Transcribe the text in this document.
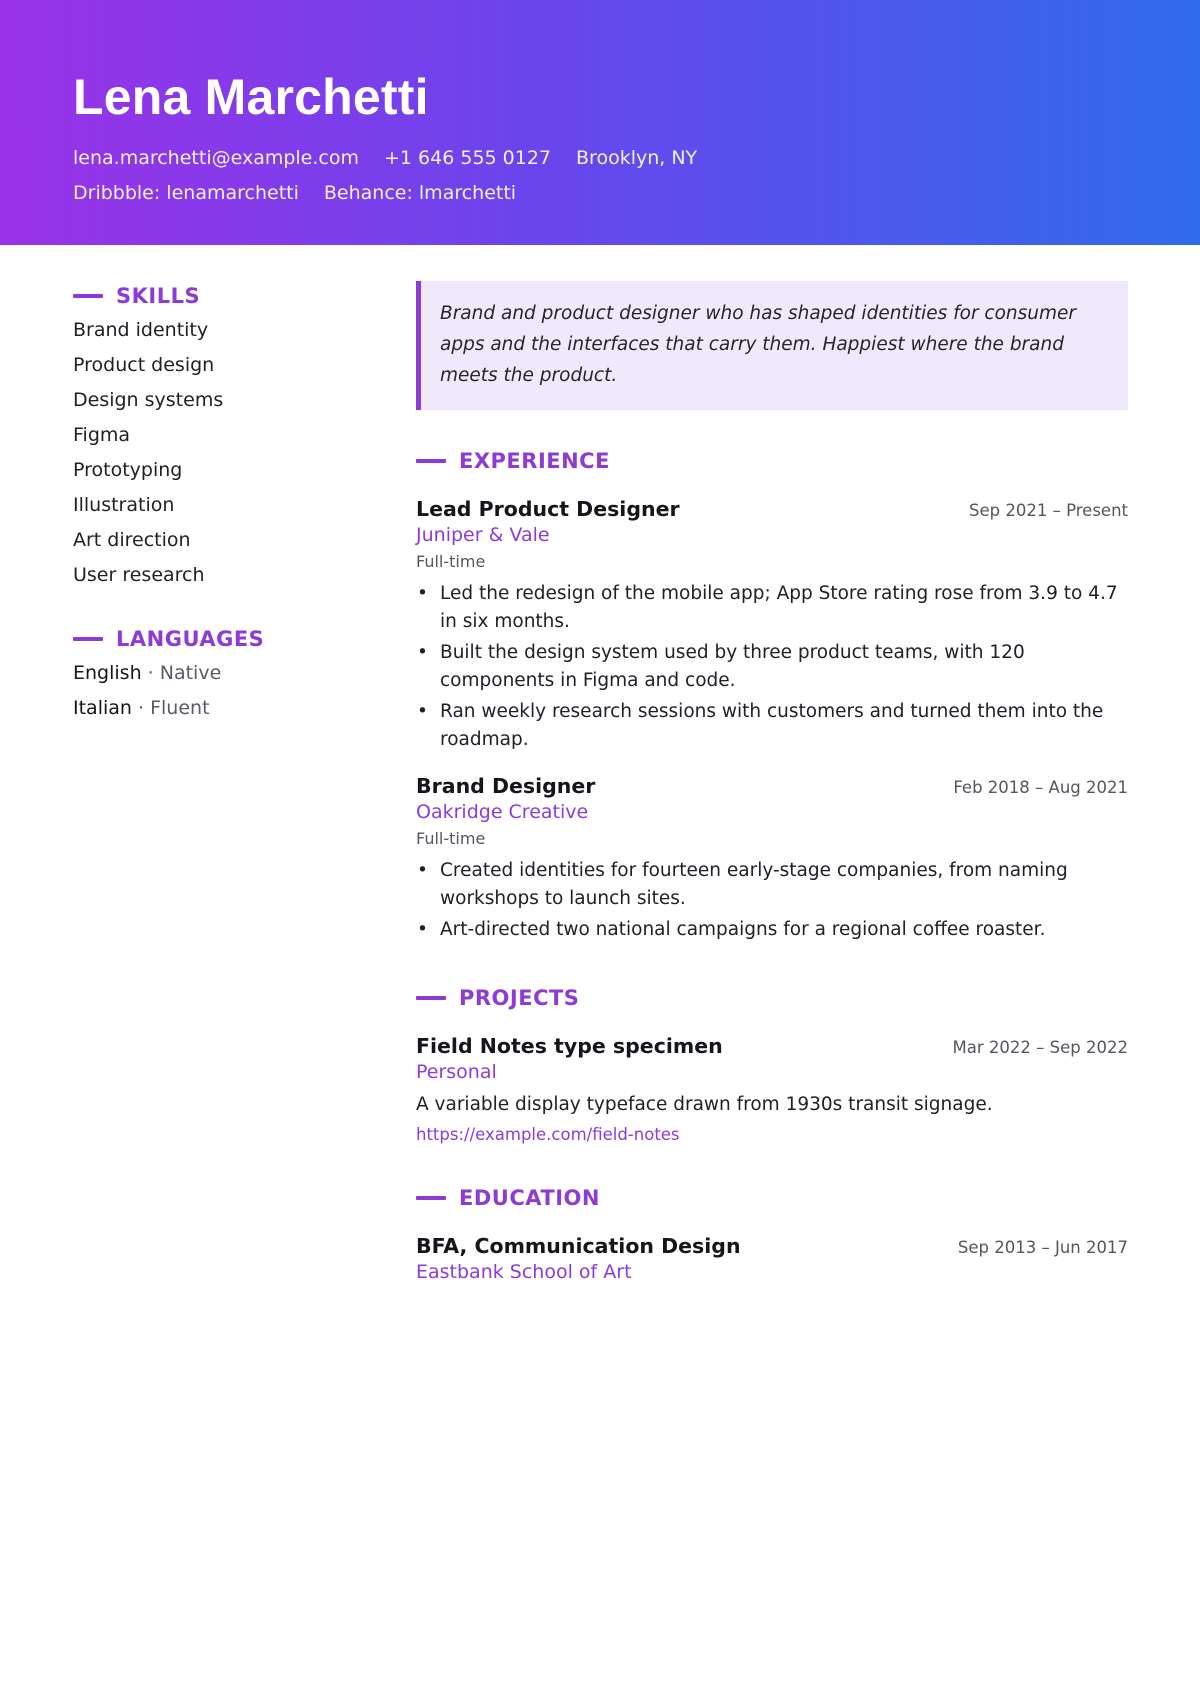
Lena Marchetti
lena.marchetti@example.com +1 646 555 0127 Brooklyn, NY
Dribbble: lenamarchetti Behance: lmarchetti
SKILLS
Brand identity
Product design
Design systems
Figma
Prototyping
Illustration
Art direction
User research
LANGUAGES
English · Native
Italian · Fluent
Brand and product designer who has shaped identities for consumer apps and the interfaces that carry them. Happiest where the brand meets the product.
EXPERIENCE
Lead Product Designer	Sep 2021 – Present
Juniper & Vale
Full-time
• Led the redesign of the mobile app; App Store rating rose from 3.9 to 4.7 in six months.
• Built the design system used by three product teams, with 120 components in Figma and code.
• Ran weekly research sessions with customers and turned them into the roadmap.
Brand Designer	Feb 2018 – Aug 2021
Oakridge Creative
Full-time
• Created identities for fourteen early-stage companies, from naming workshops to launch sites.
• Art-directed two national campaigns for a regional coffee roaster.
PROJECTS
Field Notes type specimen	Mar 2022 – Sep 2022
Personal
A variable display typeface drawn from 1930s transit signage.
https://example.com/field-notes
EDUCATION
BFA, Communication Design	Sep 2013 – Jun 2017
Eastbank School of Art
